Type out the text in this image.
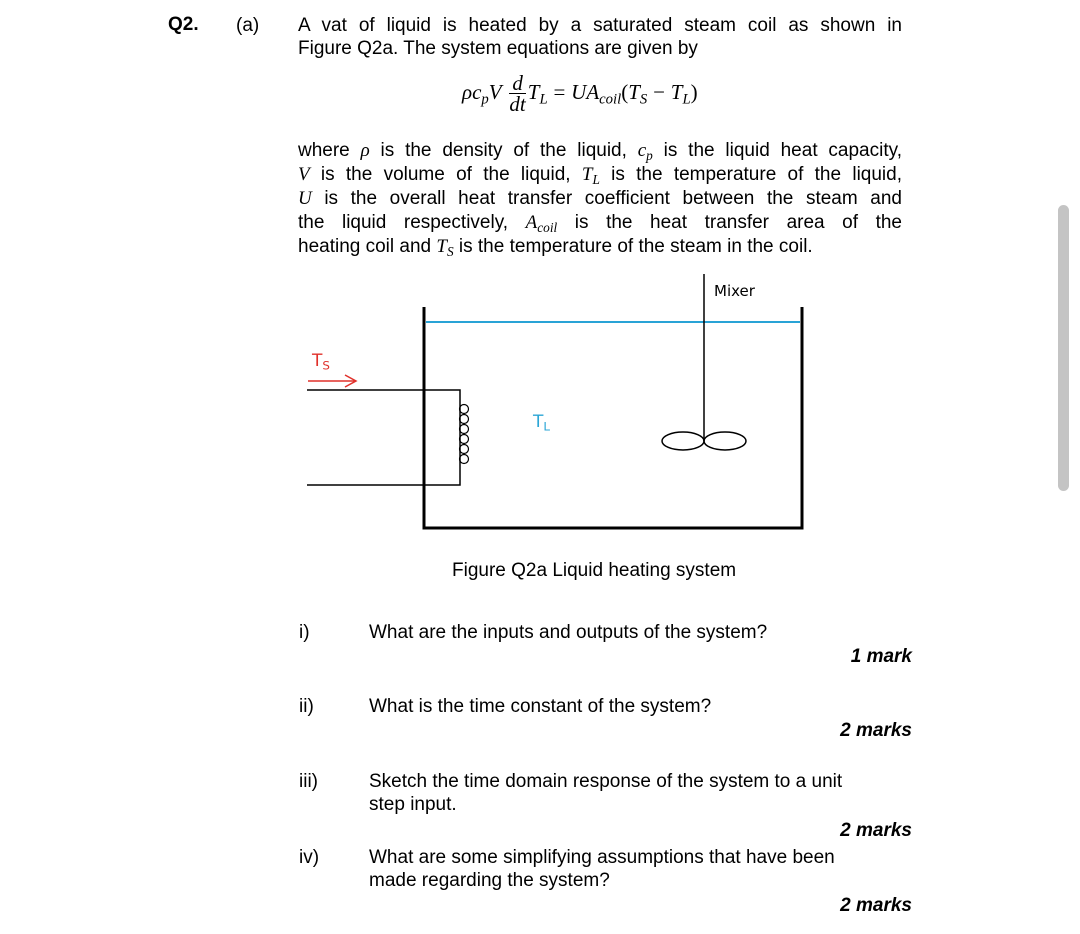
Q2. (a) A vat of liquid is heated by a saturated steam coil as shown in
Figure Q2a. The system equations are given by
$\rho c_pV \frac{d}{dt} T_L = UA_{coil}(T_S - T_L)$
where ρ is the density of the liquid, $c_p$ is the liquid heat capacity,
V is the volume of the liquid, $T_L$ is the temperature of the liquid,
U is the overall heat transfer coefficient between the steam and
the liquid respectively, $A_{coil}$ is the heat transfer area of the
heating coil and $T_S$ is the temperature of the steam in the coil.
Mixer
$T_S$
$T_L$
Figure Q2a Liquid heating system
i)	What are the inputs and outputs of the system?
1 mark
ii)	What is the time constant of the system?
2 marks
iii)	Sketch the time domain response of the system to a unit
step input.
2 marks
iv)	What are some simplifying assumptions that have been
made regarding the system?
2 marks
